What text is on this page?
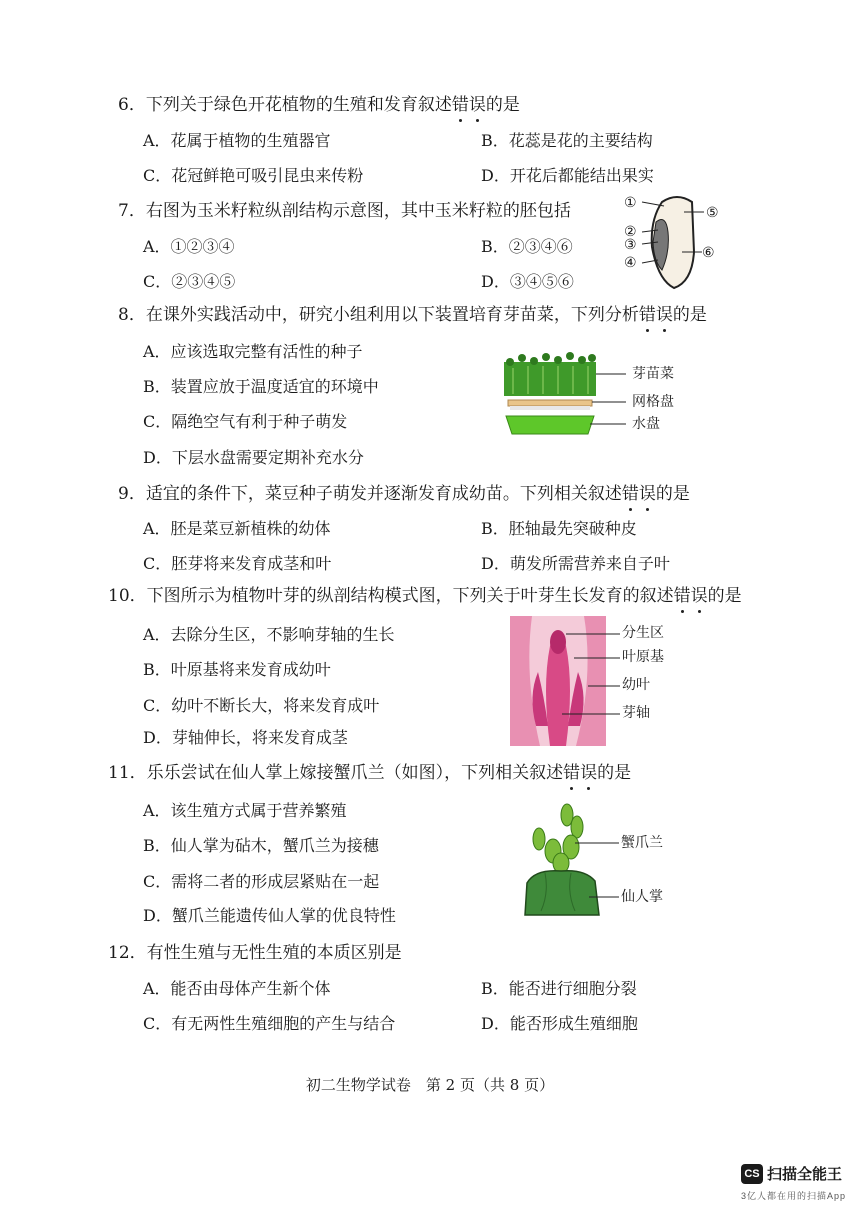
6．下列关于绿色开花植物的生殖和发育叙述错误的是
A．花属于植物的生殖器官	B．花蕊是花的主要结构
C．花冠鲜艳可吸引昆虫来传粉	D．开花后都能结出果实
7．右图为玉米籽粒纵剖结构示意图，其中玉米籽粒的胚包括
A．①②③④	B．②③④⑥
C．②③④⑤	D．③④⑤⑥
①
②
③
④
⑤
⑥
8．在课外实践活动中，研究小组利用以下装置培育芽苗菜，下列分析错误的是
A．应该选取完整有活性的种子
B．装置应放于温度适宜的环境中
C．隔绝空气有利于种子萌发
D．下层水盘需要定期补充水分
芽苗菜
网格盘
水盘
9．适宜的条件下，菜豆种子萌发并逐渐发育成幼苗。下列相关叙述错误的是
A．胚是菜豆新植株的幼体	B．胚轴最先突破种皮
C．胚芽将来发育成茎和叶	D．萌发所需营养来自子叶
10．下图所示为植物叶芽的纵剖结构模式图，下列关于叶芽生长发育的叙述错误的是
A．去除分生区，不影响芽轴的生长
B．叶原基将来发育成幼叶
C．幼叶不断长大，将来发育成叶
D．芽轴伸长，将来发育成茎
分生区
叶原基
幼叶
芽轴
11．乐乐尝试在仙人掌上嫁接蟹爪兰（如图），下列相关叙述错误的是
A．该生殖方式属于营养繁殖
B．仙人掌为砧木，蟹爪兰为接穗
C．需将二者的形成层紧贴在一起
D．蟹爪兰能遗传仙人掌的优良特性
蟹爪兰
仙人掌
12．有性生殖与无性生殖的本质区别是
A．能否由母体产生新个体	B．能否进行细胞分裂
C．有无两性生殖细胞的产生与结合	D．能否形成生殖细胞
初二生物学试卷　第 2 页（共 8 页）
CS 扫描全能王
3亿人都在用的扫描App
